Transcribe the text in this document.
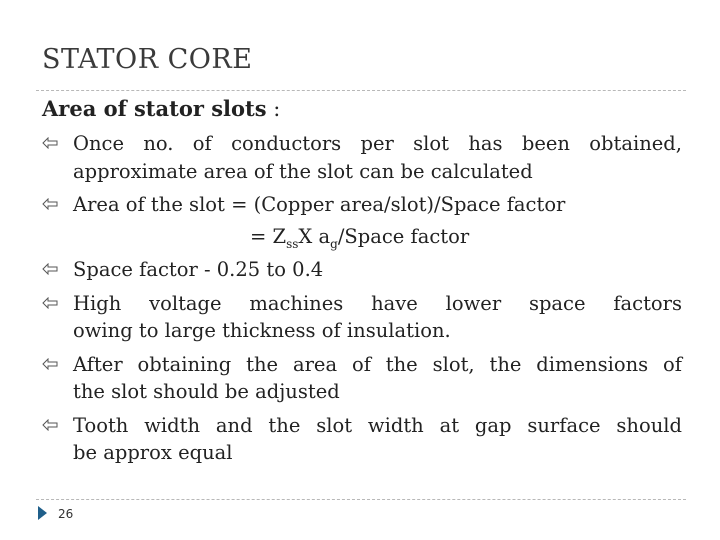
STATOR CORE
Area of stator slots :
Once no. of conductors per slot has been obtained,
approximate area of the slot can be calculated
Area of the slot = (Copper area/slot)/Space factor
= $Z_{ss}X$ $a_g$/Space factor
Space factor - 0.25 to 0.4
High voltage machines have lower space factors
owing to large thickness of insulation.
After obtaining the area of the slot, the dimensions of
the slot should be adjusted
Tooth width and the slot width at gap surface should
be approx equal
26
